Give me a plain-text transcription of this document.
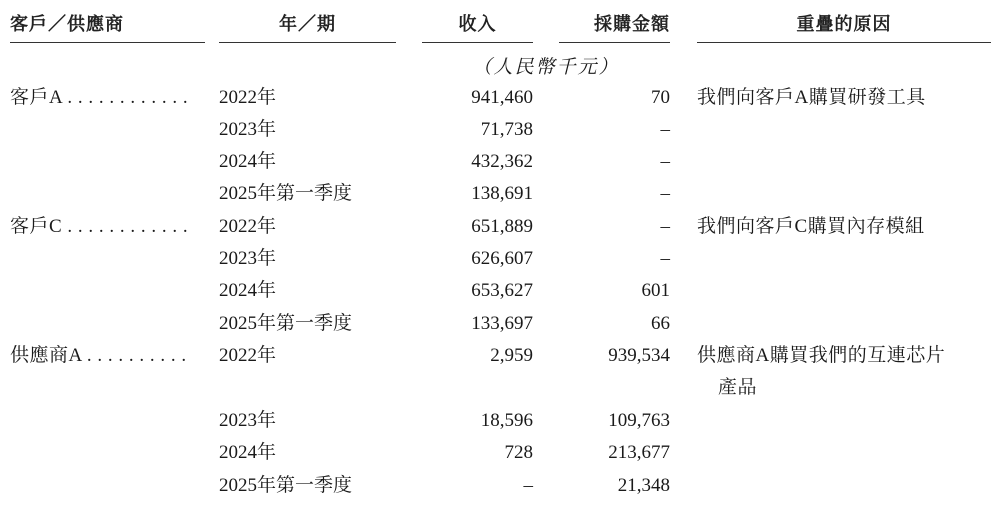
客戶／供應商	年／期	收入	採購金額	重疊的原因
（人民幣千元）
客戶A . . . . . . . . . . . .	2022年	941,460	70 我們向客戶A購買研發工具
2023年	71,738	–
2024年	432,362	–
2025年第一季度	138,691	–
客戶C . . . . . . . . . . . .	2022年	651,889	– 我們向客戶C購買內存模組
2023年	626,607	–
2024年	653,627	601
2025年第一季度	133,697	66
供應商A . . . . . . . . . .	2022年	2,959	939,534 供應商A購買我們的互連芯片
產品
2023年	18,596	109,763
2024年	728	213,677
2025年第一季度	–	21,348
